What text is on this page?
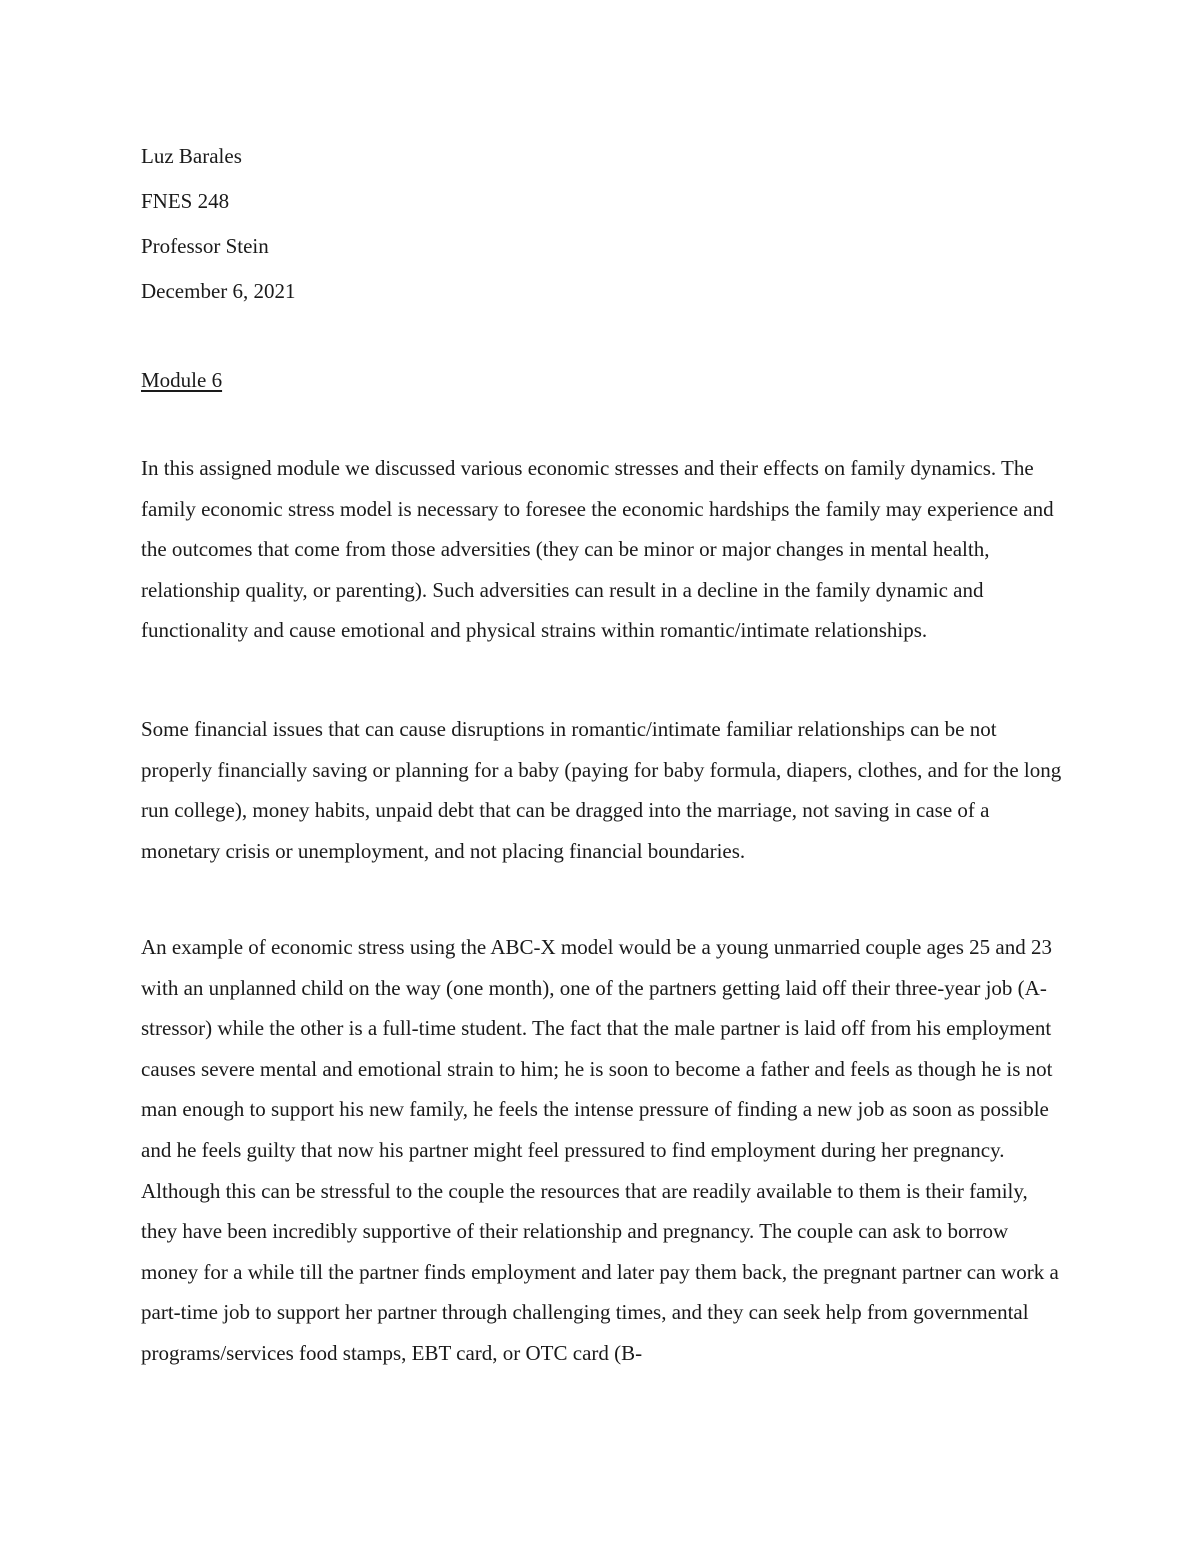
Luz Barales

FNES 248

Professor Stein

December 6, 2021

Module 6

In this assigned module we discussed various economic stresses and their effects on family dynamics. The family economic stress model is necessary to foresee the economic hardships the family may experience and the outcomes that come from those adversities (they can be minor or major changes in mental health, relationship quality, or parenting). Such adversities can result in a decline in the family dynamic and functionality and cause emotional and physical strains within romantic/intimate relationships.

Some financial issues that can cause disruptions in romantic/intimate familiar relationships can be not properly financially saving or planning for a baby (paying for baby formula, diapers, clothes, and for the long run college), money habits, unpaid debt that can be dragged into the marriage, not saving in case of a monetary crisis or unemployment, and not placing financial boundaries.

An example of economic stress using the ABC-X model would be a young unmarried couple ages 25 and 23 with an unplanned child on the way (one month), one of the partners getting laid off their three-year job (A-stressor) while the other is a full-time student. The fact that the male partner is laid off from his employment causes severe mental and emotional strain to him; he is soon to become a father and feels as though he is not man enough to support his new family, he feels the intense pressure of finding a new job as soon as possible and he feels guilty that now his partner might feel pressured to find employment during her pregnancy. Although this can be stressful to the couple the resources that are readily available to them is their family, they have been incredibly supportive of their relationship and pregnancy. The couple can ask to borrow money for a while till the partner finds employment and later pay them back, the pregnant partner can work a part-time job to support her partner through challenging times, and they can seek help from governmental programs/services food stamps, EBT card, or OTC card (B-
